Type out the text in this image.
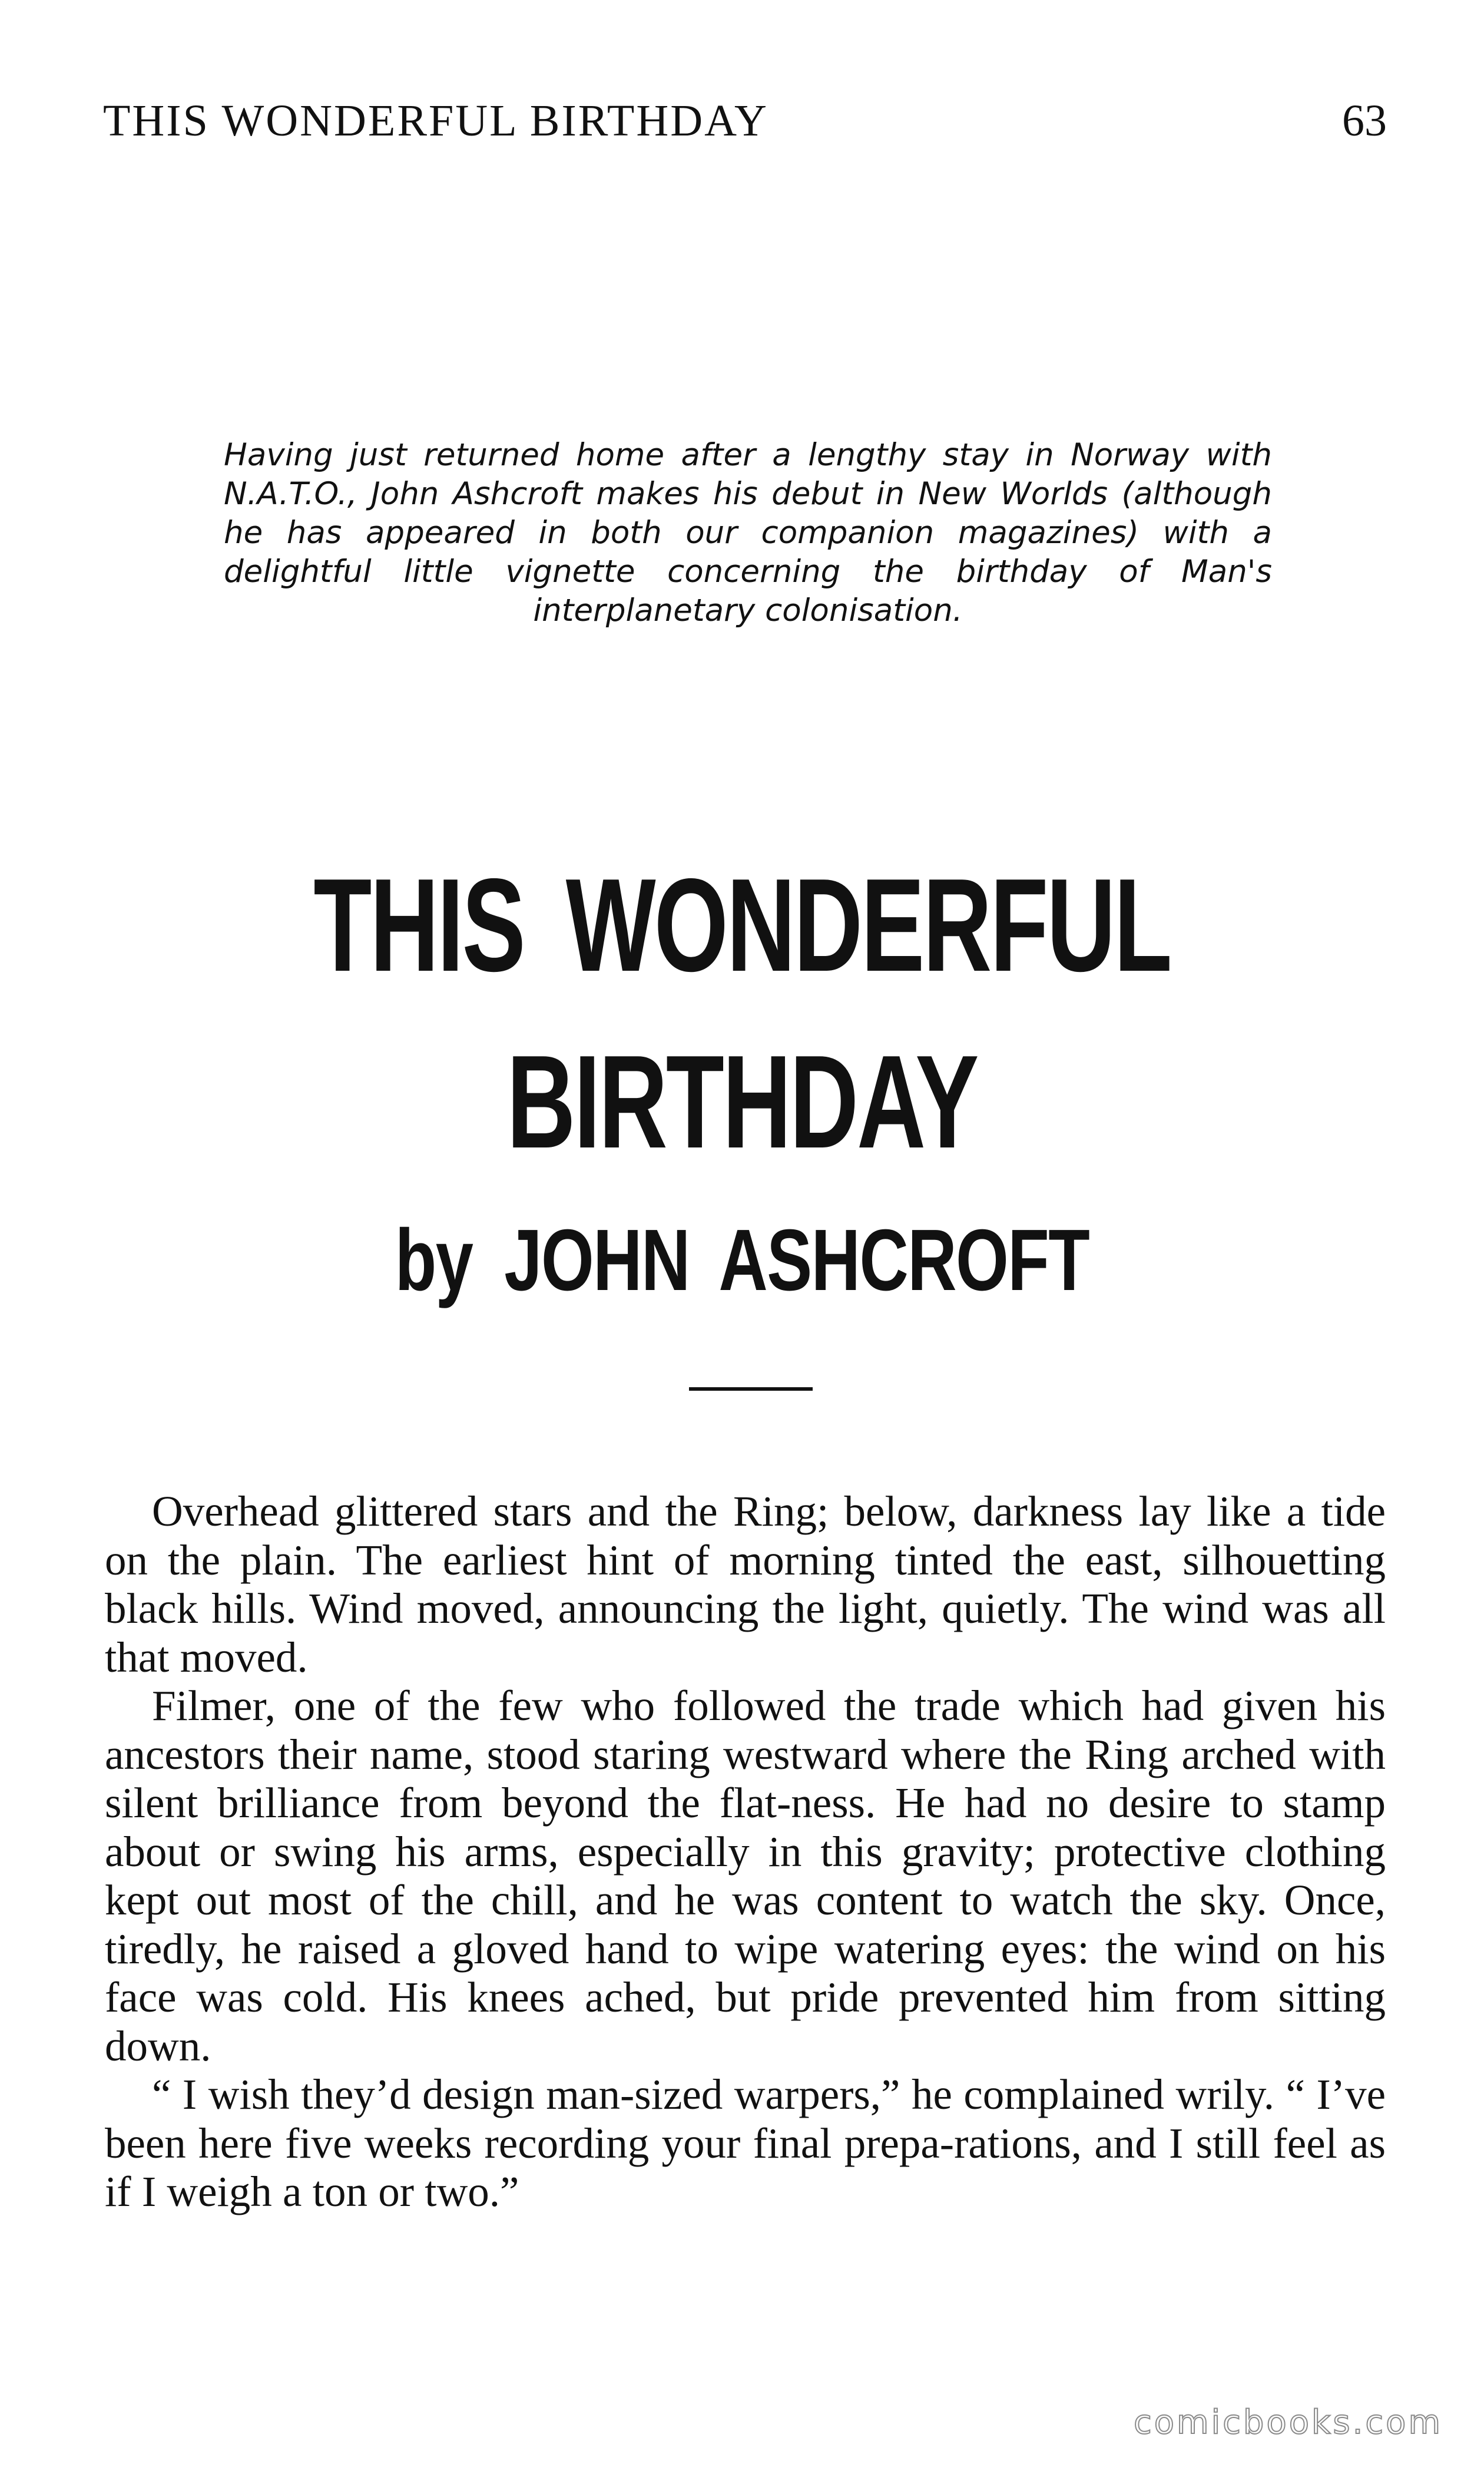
THIS WONDERFUL BIRTHDAY	63
Having just returned home after a lengthy stay in Norway with N.A.T.O., John Ashcroft makes his debut in New Worlds (although he has appeared in both our companion magazines) with a delightful little vignette concerning the birthday of Man's interplanetary colonisation.
THIS WONDERFUL
BIRTHDAY
by JOHN ASHCROFT

Overhead glittered stars and the Ring; below, darkness lay like a tide on the plain. The earliest hint of morning tinted the east, silhouetting black hills. Wind moved, announcing the light, quietly. The wind was all that moved.

Filmer, one of the few who followed the trade which had given his ancestors their name, stood staring westward where the Ring arched with silent brilliance from beyond the flat-ness. He had no desire to stamp about or swing his arms, especially in this gravity; protective clothing kept out most of the chill, and he was content to watch the sky. Once, tiredly, he raised a gloved hand to wipe watering eyes: the wind on his face was cold. His knees ached, but pride prevented him from sitting down.

“ I wish they’d design man-sized warpers,” he complained wrily. “ I’ve been here five weeks recording your final prepa-rations, and I still feel as if I weigh a ton or two.”

comicbooks.com
